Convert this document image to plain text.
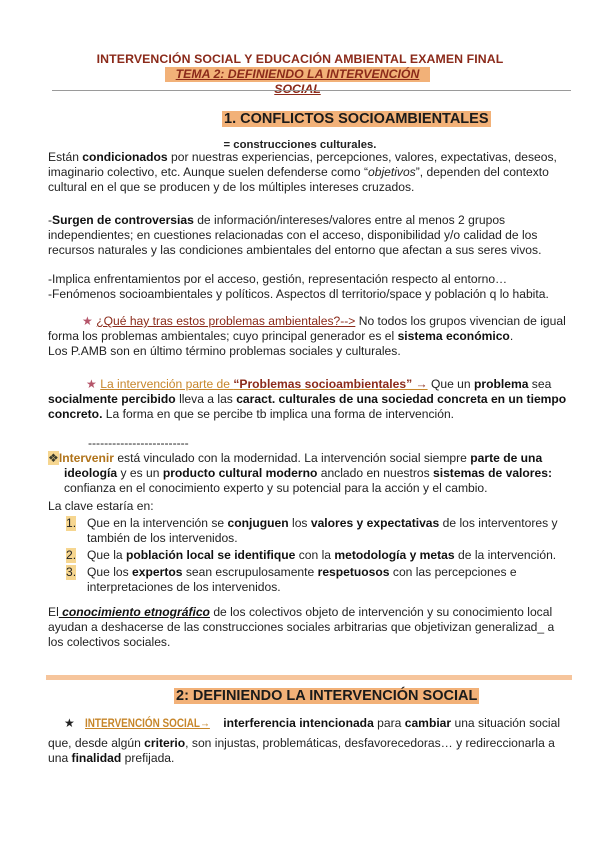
INTERVENCIÓN SOCIAL Y EDUCACIÓN AMBIENTAL EXAMEN FINAL
TEMA 2: DEFINIENDO LA INTERVENCIÓN SOCIAL
1. CONFLICTOS SOCIOAMBIENTALES
= construcciones culturales.
Están condicionados por nuestras experiencias, percepciones, valores, expectativas, deseos,
imaginario colectivo, etc. Aunque suelen defenderse como “objetivos”, dependen del contexto
cultural en el que se producen y de los múltiples intereses cruzados.
-Surgen de controversias de información/intereses/valores entre al menos 2 grupos
independientes; en cuestiones relacionadas con el acceso, disponibilidad y/o calidad de los
recursos naturales y las condiciones ambientales del entorno que afectan a sus seres vivos.
-Implica enfrentamientos por el acceso, gestión, representación respecto al entorno…
-Fenómenos socioambientales y políticos. Aspectos dl territorio/space y población q lo habita.
★ ¿Qué hay tras estos problemas ambientales?--> No todos los grupos vivencian de igual
forma los problemas ambientales; cuyo principal generador es el sistema económico.
Los P.AMB son en último término problemas sociales y culturales.
★ La intervención parte de “Problemas socioambientales” → Que un problema sea
socialmente percibido lleva a las caract. culturales de una sociedad concreta en un tiempo
concreto. La forma en que se percibe tb implica una forma de intervención.
-------------------------
❖Intervenir está vinculado con la modernidad. La intervención social siempre parte de una
ideología y es un producto cultural moderno anclado en nuestros sistemas de valores:
confianza en el conocimiento experto y su potencial para la acción y el cambio.
La clave estaría en:
1. Que en la intervención se conjuguen los valores y expectativas de los interventores y
también de los intervenidos.
2. Que la población local se identifique con la metodología y metas de la intervención.
3. Que los expertos sean escrupulosamente respetuosos con las percepciones e
interpretaciones de los intervenidos.
El conocimiento etnográfico de los colectivos objeto de intervención y su conocimiento local
ayudan a deshacerse de las construcciones sociales arbitrarias que objetivizan generalizad_ a
los colectivos sociales.
2: DEFINIENDO LA INTERVENCIÓN SOCIAL
★ INTERVENCIÓN SOCIAL→ interferencia intencionada para cambiar una situación social
que, desde algún criterio, son injustas, problemáticas, desfavorecedoras… y redireccionarla a
una finalidad prefijada.
